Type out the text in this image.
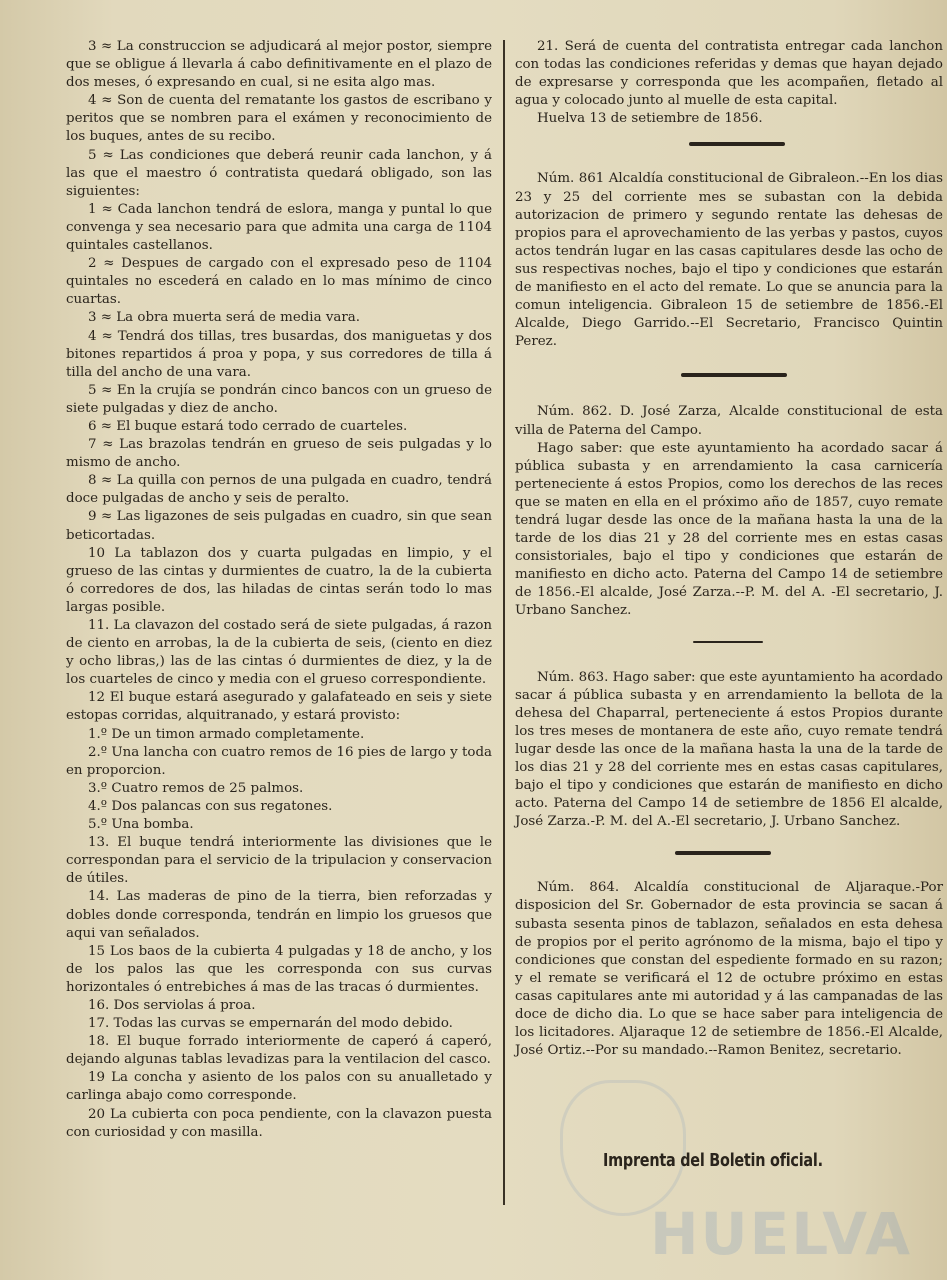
3 ≈ La construccion se adjudicará al mejor postor, siempre que se obligue á llevarla á cabo definitivamente en el plazo de dos meses, ó expresando en cual, si ne esita algo mas.

4 ≈ Son de cuenta del rematante los gastos de escribano y peritos que se nombren para el exámen y reconocimiento de los buques, antes de su recibo.

5 ≈ Las condiciones que deberá reunir cada lanchon, y á las que el maestro ó contratista quedará obligado, son las siguientes:

1 ≈ Cada lanchon tendrá de eslora, manga y puntal lo que convenga y sea necesario para que admita una carga de 1104 quintales castellanos.

2 ≈ Despues de cargado con el expresado peso de 1104 quintales no escederá en calado en lo mas mínimo de cinco cuartas.

3 ≈ La obra muerta será de media vara.

4 ≈ Tendrá dos tillas, tres busardas, dos maniguetas y dos bitones repartidos á proa y popa, y sus corredores de tilla á tilla del ancho de una vara.

5 ≈ En la crujía se pondrán cinco bancos con un grueso de siete pulgadas y diez de ancho.

6 ≈ El buque estará todo cerrado de cuarteles.

7 ≈ Las brazolas tendrán en grueso de seis pulgadas y lo mismo de ancho.

8 ≈ La quilla con pernos de una pulgada en cuadro, tendrá doce pulgadas de ancho y seis de peralto.

9 ≈ Las ligazones de seis pulgadas en cuadro, sin que sean beticortadas.

10 La tablazon dos y cuarta pulgadas en limpio, y el grueso de las cintas y durmientes de cuatro, la de la cubierta ó corredores de dos, las hiladas de cintas serán todo lo mas largas posible.

11. La clavazon del costado será de siete pulgadas, á razon de ciento en arrobas, la de la cubierta de seis, (ciento en diez y ocho libras,) las de las cintas ó durmientes de diez, y la de los cuarteles de cinco y media con el grueso correspondiente.

12 El buque estará asegurado y galafateado en seis y siete estopas corridas, alquitranado, y estará provisto:

1.º De un timon armado completamente.

2.º Una lancha con cuatro remos de 16 pies de largo y toda en proporcion.

3.º Cuatro remos de 25 palmos.

4.º Dos palancas con sus regatones.

5.º Una bomba.

13. El buque tendrá interiormente las divisiones que le correspondan para el servicio de la tripulacion y conservacion de útiles.

14. Las maderas de pino de la tierra, bien reforzadas y dobles donde corresponda, tendrán en limpio los gruesos que aqui van señalados.

15 Los baos de la cubierta 4 pulgadas y 18 de ancho, y los de los palos las que les corresponda con sus curvas horizontales ó entrebiches á mas de las tracas ó durmientes.

16. Dos serviolas á proa.

17. Todas las curvas se empernarán del modo debido.

18. El buque forrado interiormente de caperó á caperó, dejando algunas tablas levadizas para la ventilacion del casco.

19 La concha y asiento de los palos con su anualletado y carlinga abajo como corresponde.

20 La cubierta con poca pendiente, con la clavazon puesta con curiosidad y con masilla.

21. Será de cuenta del contratista entregar cada lanchon con todas las condiciones referidas y demas que hayan dejado de expresarse y corresponda que les acompañen, fletado al agua y colocado junto al muelle de esta capital.

Huelva 13 de setiembre de 1856.

Núm. 861 Alcaldía constitucional de Gibraleon.--En los dias 23 y 25 del corriente mes se subastan con la debida autorizacion de primero y segundo rentate las dehesas de propios para el aprovechamiento de las yerbas y pastos, cuyos actos tendrán lugar en las casas capitulares desde las ocho de sus respectivas noches, bajo el tipo y condiciones que estarán de manifiesto en el acto del remate. Lo que se anuncia para la comun inteligencia. Gibraleon 15 de setiembre de 1856.-El Alcalde, Diego Garrido.--El Secretario, Francisco Quintin Perez.

Núm. 862. D. José Zarza, Alcalde constitucional de esta villa de Paterna del Campo.

Hago saber: que este ayuntamiento ha acordado sacar á pública subasta y en arrendamiento la casa carnicería perteneciente á estos Propios, como los derechos de las reces que se maten en ella en el próximo año de 1857, cuyo remate tendrá lugar desde las once de la mañana hasta la una de la tarde de los dias 21 y 28 del corriente mes en estas casas consistoriales, bajo el tipo y condiciones que estarán de manifiesto en dicho acto. Paterna del Campo 14 de setiembre de 1856.-El alcalde, José Zarza.--P. M. del A. -El secretario, J. Urbano Sanchez.

Núm. 863. Hago saber: que este ayuntamiento ha acordado sacar á pública subasta y en arrendamiento la bellota de la dehesa del Chaparral, perteneciente á estos Propios durante los tres meses de montanera de este año, cuyo remate tendrá lugar desde las once de la mañana hasta la una de la tarde de los dias 21 y 28 del corriente mes en estas casas capitulares, bajo el tipo y condiciones que estarán de manifiesto en dicho acto. Paterna del Campo 14 de setiembre de 1856 El alcalde, José Zarza.-P. M. del A.-El secretario, J. Urbano Sanchez.

Núm. 864. Alcaldía constitucional de Aljaraque.-Por disposicion del Sr. Gobernador de esta provincia se sacan á subasta sesenta pinos de tablazon, señalados en esta dehesa de propios por el perito agrónomo de la misma, bajo el tipo y condiciones que constan del espediente formado en su razon; y el remate se verificará el 12 de octubre próximo en estas casas capitulares ante mi autoridad y á las campanadas de las doce de dicho dia. Lo que se hace saber para inteligencia de los licitadores. Aljaraque 12 de setiembre de 1856.-El Alcalde, José Ortiz.--Por su mandado.--Ramon Benitez, secretario.

HUELVA
Imprenta del Boletin oficial.
